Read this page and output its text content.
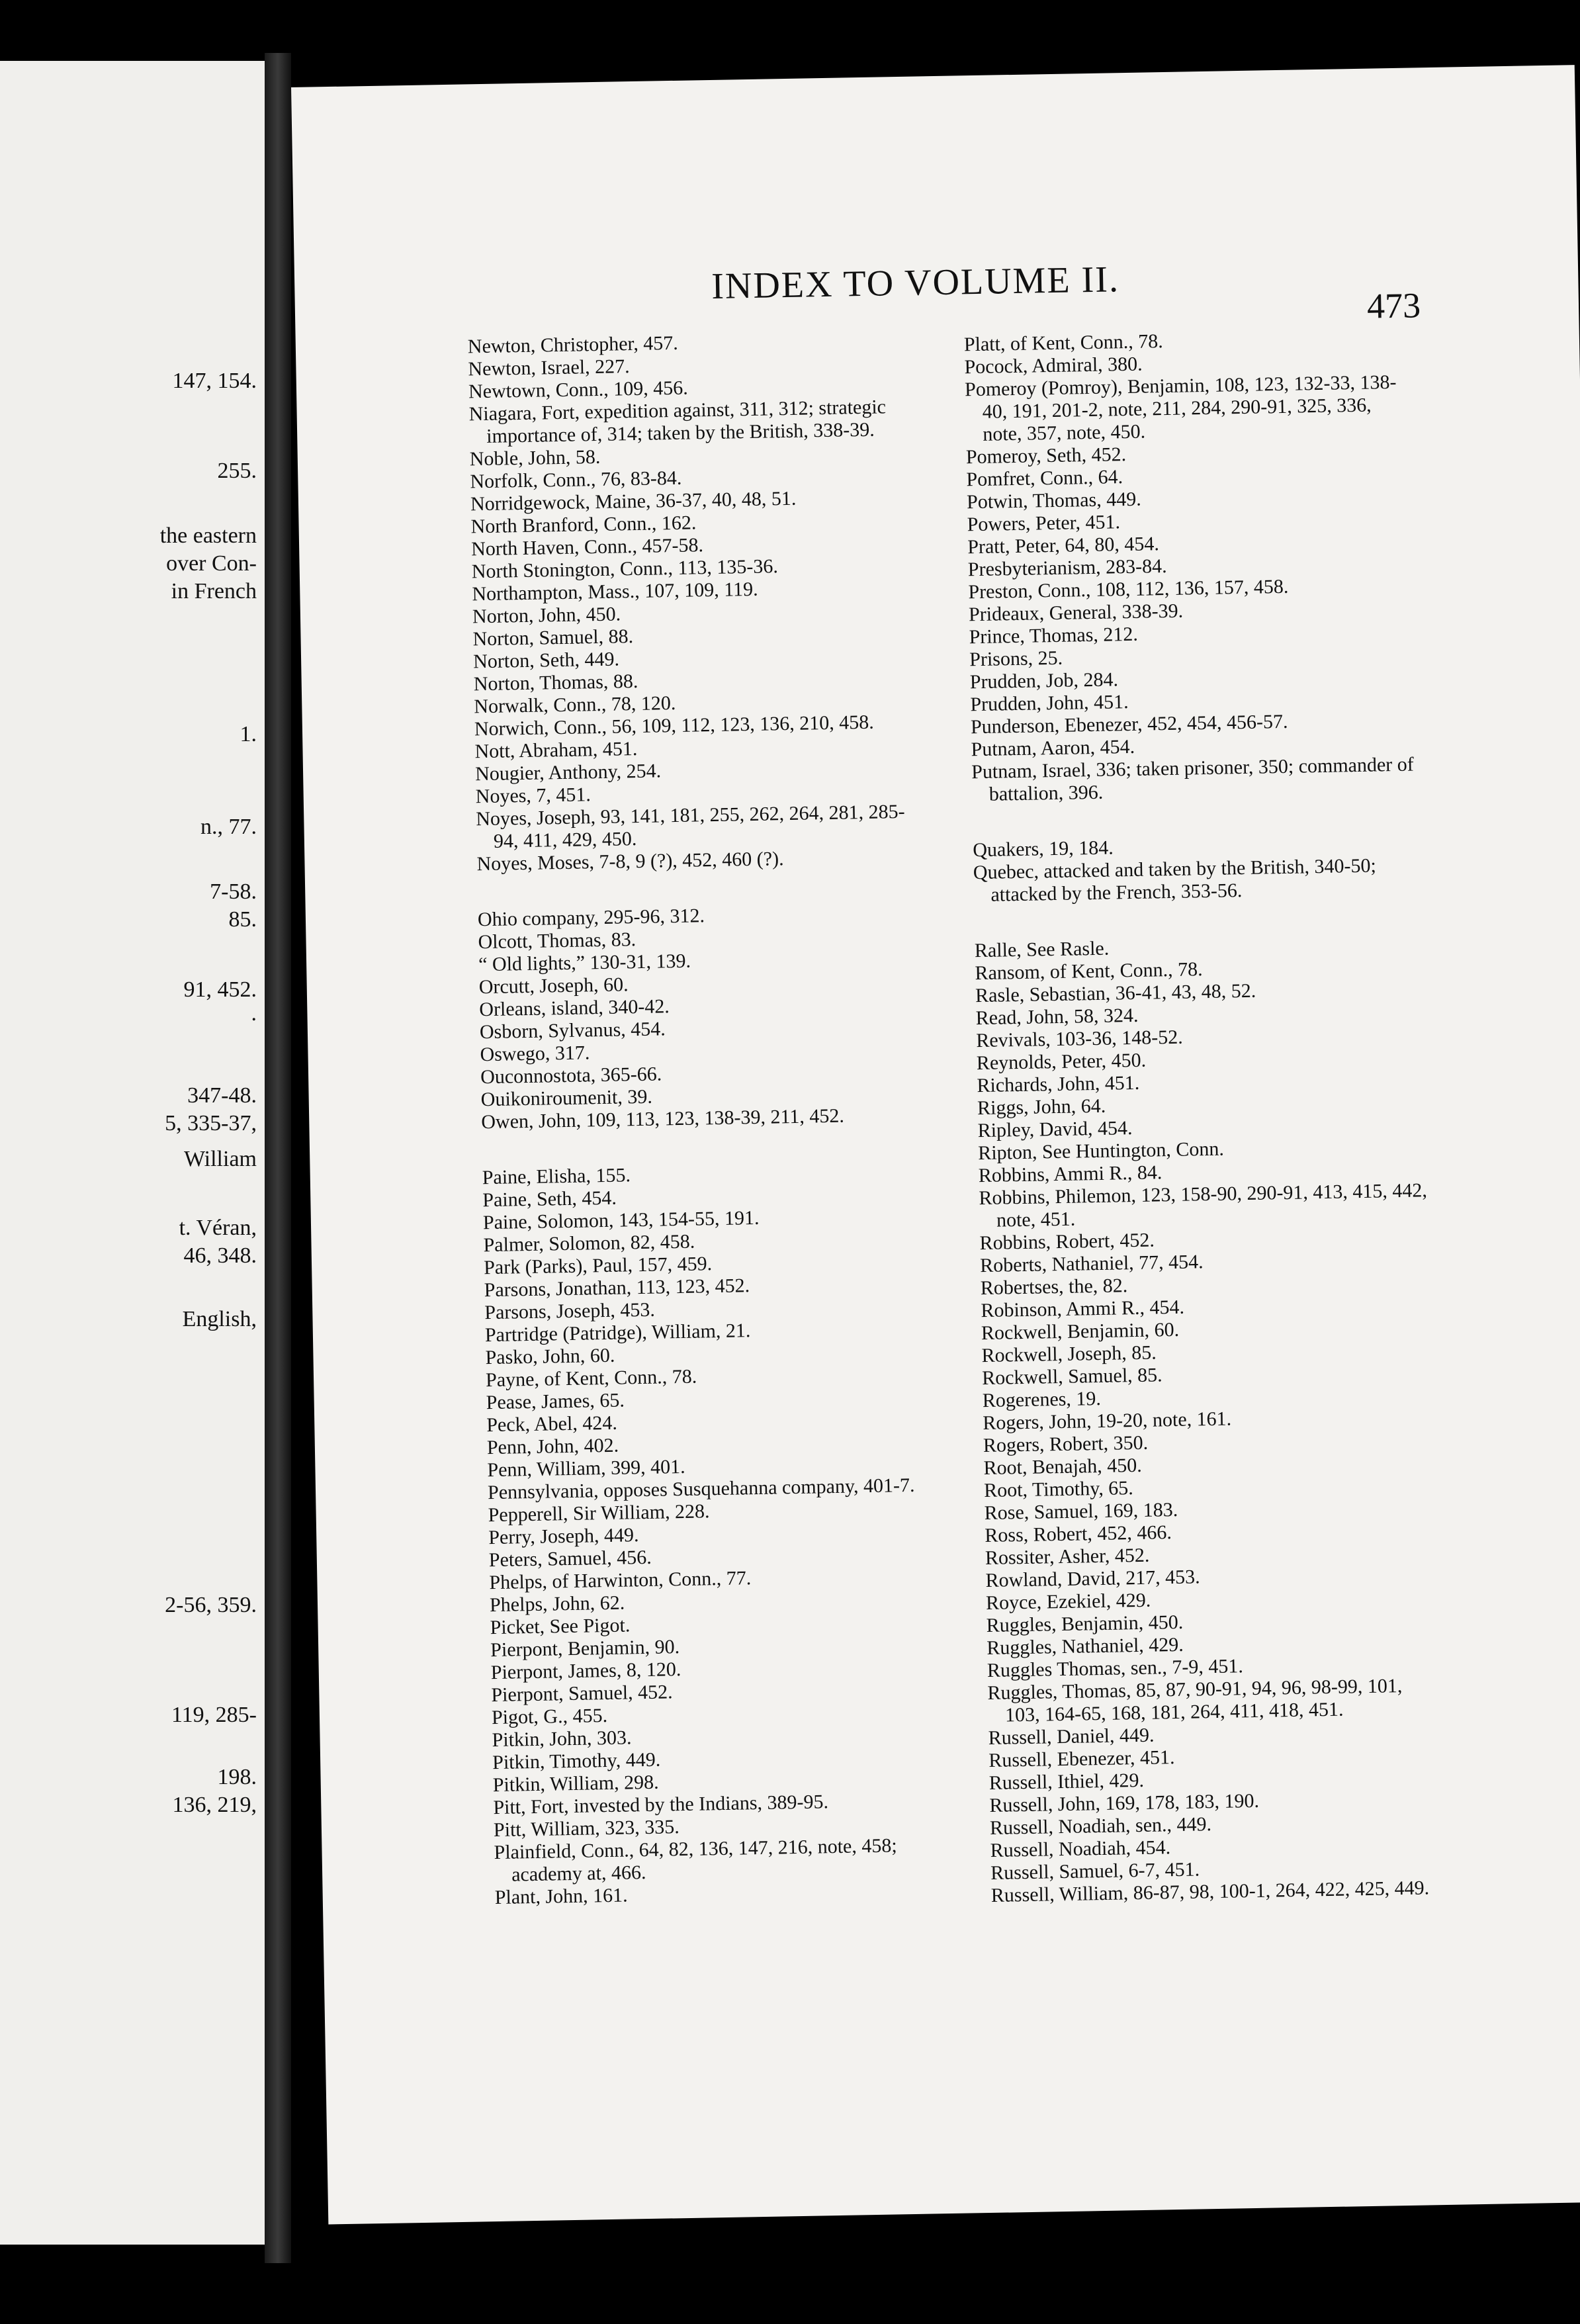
147, 154.
255.
the eastern
over Con-
in French
1.
n., 77.
7-58.
85.
91, 452.
.
347-48.
5, 335-37,
William
t. Véran,
46, 348.
English,
2-56, 359.
119, 285-
198.
136, 219,
INDEX TO VOLUME II.	473

Newton, Christopher, 457.

Newton, Israel, 227.

Newtown, Conn., 109, 456.

Niagara, Fort, expedition against, 311, 312; strategic importance of, 314; taken by the British, 338-39.

Noble, John, 58.

Norfolk, Conn., 76, 83-84.

Norridgewock, Maine, 36-37, 40, 48, 51.

North Branford, Conn., 162.

North Haven, Conn., 457-58.

North Stonington, Conn., 113, 135-36.

Northampton, Mass., 107, 109, 119.

Norton, John, 450.

Norton, Samuel, 88.

Norton, Seth, 449.

Norton, Thomas, 88.

Norwalk, Conn., 78, 120.

Norwich, Conn., 56, 109, 112, 123, 136, 210, 458.

Nott, Abraham, 451.

Nougier, Anthony, 254.

Noyes, 7, 451.

Noyes, Joseph, 93, 141, 181, 255, 262, 264, 281, 285-94, 411, 429, 450.

Noyes, Moses, 7-8, 9 (?), 452, 460 (?).

Ohio company, 295-96, 312.

Olcott, Thomas, 83.

“ Old lights,” 130-31, 139.

Orcutt, Joseph, 60.

Orleans, island, 340-42.

Osborn, Sylvanus, 454.

Oswego, 317.

Ouconnostota, 365-66.

Ouikoniroumenit, 39.

Owen, John, 109, 113, 123, 138-39, 211, 452.

Paine, Elisha, 155.

Paine, Seth, 454.

Paine, Solomon, 143, 154-55, 191.

Palmer, Solomon, 82, 458.

Park (Parks), Paul, 157, 459.

Parsons, Jonathan, 113, 123, 452.

Parsons, Joseph, 453.

Partridge (Patridge), William, 21.

Pasko, John, 60.

Payne, of Kent, Conn., 78.

Pease, James, 65.

Peck, Abel, 424.

Penn, John, 402.

Penn, William, 399, 401.

Pennsylvania, opposes Susquehanna company, 401-7.

Pepperell, Sir William, 228.

Perry, Joseph, 449.

Peters, Samuel, 456.

Phelps, of Harwinton, Conn., 77.

Phelps, John, 62.

Picket, See Pigot.

Pierpont, Benjamin, 90.

Pierpont, James, 8, 120.

Pierpont, Samuel, 452.

Pigot, G., 455.

Pitkin, John, 303.

Pitkin, Timothy, 449.

Pitkin, William, 298.

Pitt, Fort, invested by the Indians, 389-95.

Pitt, William, 323, 335.

Plainfield, Conn., 64, 82, 136, 147, 216, note, 458; academy at, 466.

Plant, John, 161.

Platt, of Kent, Conn., 78.

Pocock, Admiral, 380.

Pomeroy (Pomroy), Benjamin, 108, 123, 132-33, 138-40, 191, 201-2, note, 211, 284, 290-91, 325, 336, note, 357, note, 450.

Pomeroy, Seth, 452.

Pomfret, Conn., 64.

Potwin, Thomas, 449.

Powers, Peter, 451.

Pratt, Peter, 64, 80, 454.

Presbyterianism, 283-84.

Preston, Conn., 108, 112, 136, 157, 458.

Prideaux, General, 338-39.

Prince, Thomas, 212.

Prisons, 25.

Prudden, Job, 284.

Prudden, John, 451.

Punderson, Ebenezer, 452, 454, 456-57.

Putnam, Aaron, 454.

Putnam, Israel, 336; taken prisoner, 350; commander of battalion, 396.

Quakers, 19, 184.

Quebec, attacked and taken by the British, 340-50; attacked by the French, 353-56.

Ralle, See Rasle.

Ransom, of Kent, Conn., 78.

Rasle, Sebastian, 36-41, 43, 48, 52.

Read, John, 58, 324.

Revivals, 103-36, 148-52.

Reynolds, Peter, 450.

Richards, John, 451.

Riggs, John, 64.

Ripley, David, 454.

Ripton, See Huntington, Conn.

Robbins, Ammi R., 84.

Robbins, Philemon, 123, 158-90, 290-91, 413, 415, 442, note, 451.

Robbins, Robert, 452.

Roberts, Nathaniel, 77, 454.

Robertses, the, 82.

Robinson, Ammi R., 454.

Rockwell, Benjamin, 60.

Rockwell, Joseph, 85.

Rockwell, Samuel, 85.

Rogerenes, 19.

Rogers, John, 19-20, note, 161.

Rogers, Robert, 350.

Root, Benajah, 450.

Root, Timothy, 65.

Rose, Samuel, 169, 183.

Ross, Robert, 452, 466.

Rossiter, Asher, 452.

Rowland, David, 217, 453.

Royce, Ezekiel, 429.

Ruggles, Benjamin, 450.

Ruggles, Nathaniel, 429.

Ruggles Thomas, sen., 7-9, 451.

Ruggles, Thomas, 85, 87, 90-91, 94, 96, 98-99, 101, 103, 164-65, 168, 181, 264, 411, 418, 451.

Russell, Daniel, 449.

Russell, Ebenezer, 451.

Russell, Ithiel, 429.

Russell, John, 169, 178, 183, 190.

Russell, Noadiah, sen., 449.

Russell, Noadiah, 454.

Russell, Samuel, 6-7, 451.

Russell, William, 86-87, 98, 100-1, 264, 422, 425, 449.
